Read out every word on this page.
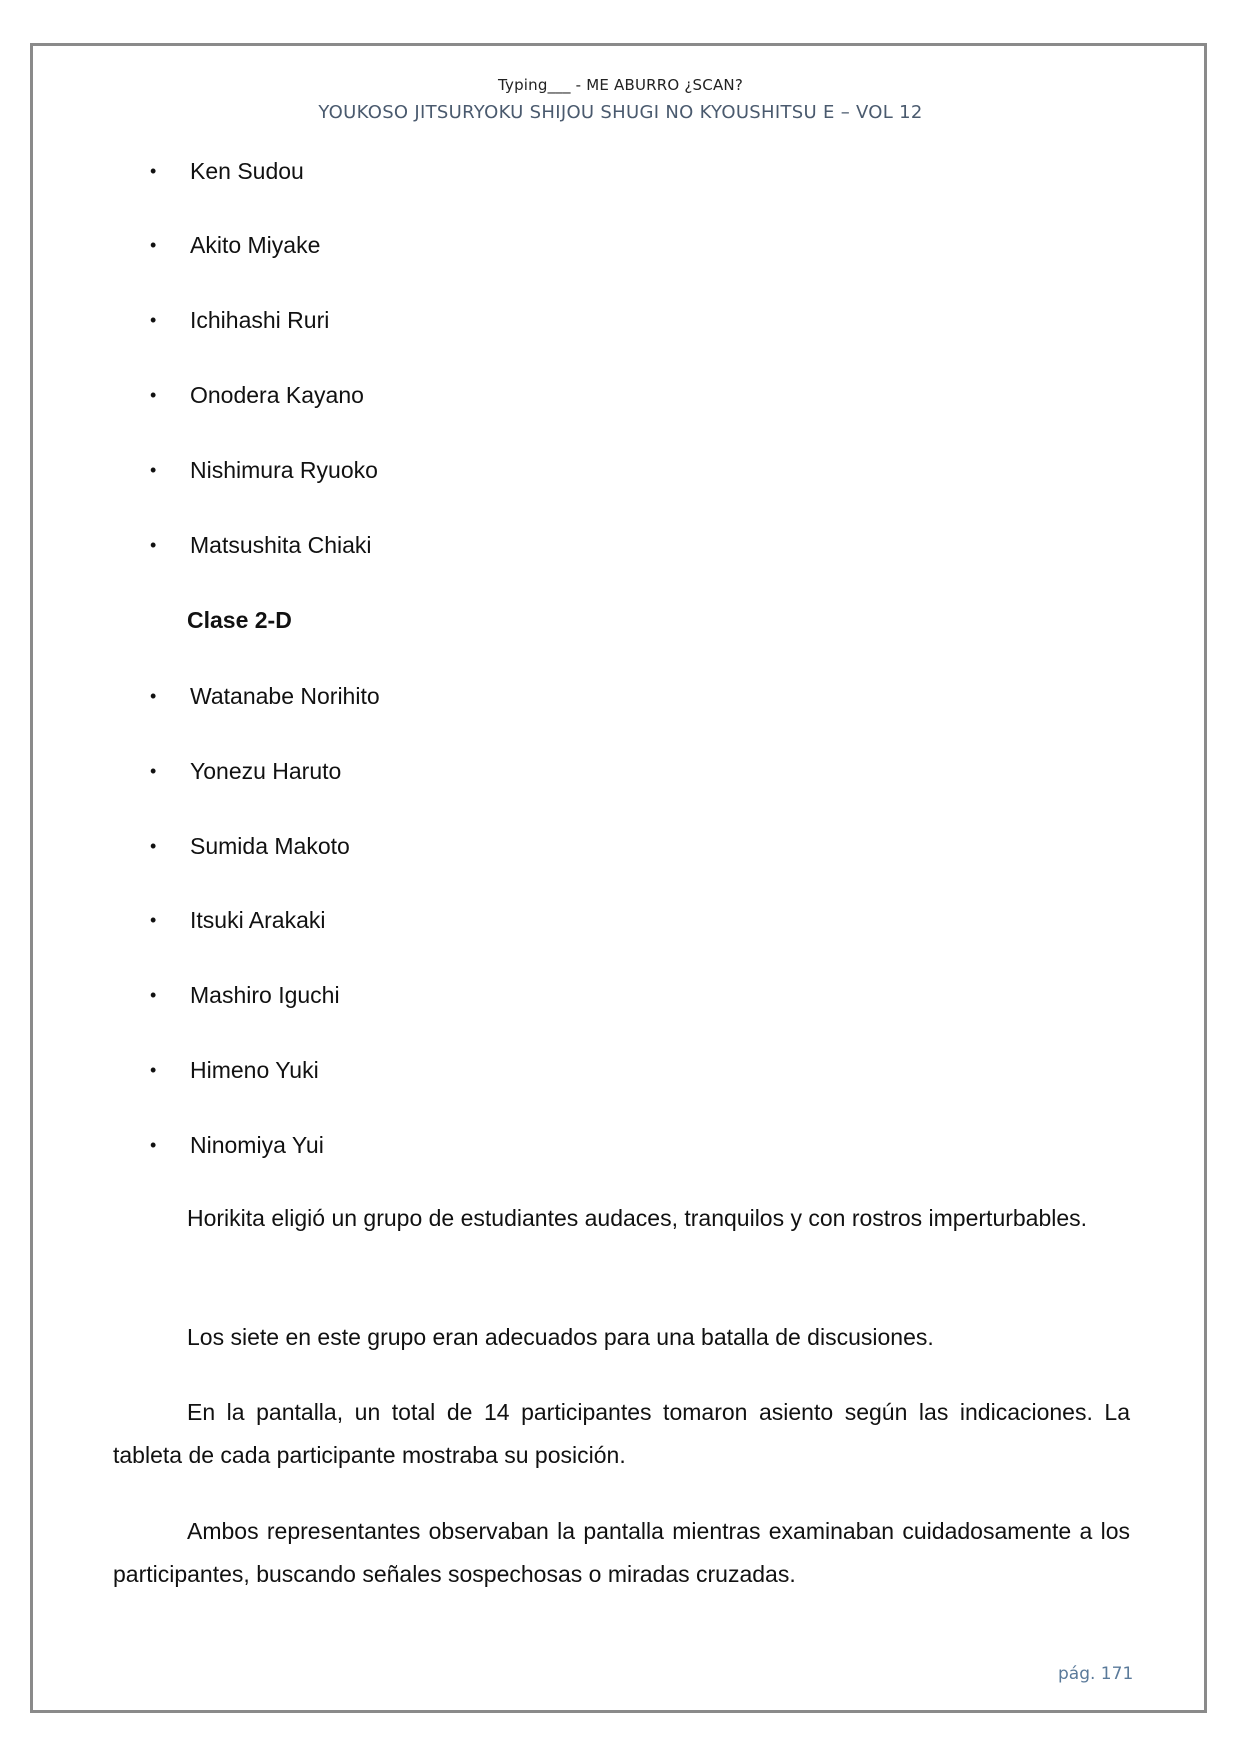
Typing___ - ME ABURRO ¿SCAN?
YOUKOSO JITSURYOKU SHIJOU SHUGI NO KYOUSHITSU E – VOL 12
•	Ken Sudou
•	Akito Miyake
•	Ichihashi Ruri
•	Onodera Kayano
•	Nishimura Ryuoko
•	Matsushita Chiaki
Clase 2-D
•	Watanabe Norihito
•	Yonezu Haruto
•	Sumida Makoto
•	Itsuki Arakaki
•	Mashiro Iguchi
•	Himeno Yuki
•	Ninomiya Yui

Horikita eligió un grupo de estudiantes audaces, tranquilos y con rostros imperturbables.

Los siete en este grupo eran adecuados para una batalla de discusiones.

En la pantalla, un total de 14 participantes tomaron asiento según las indicaciones. La tableta de cada participante mostraba su posición.

Ambos representantes observaban la pantalla mientras examinaban cuidadosamente a los participantes, buscando señales sospechosas o miradas cruzadas.

pág. 171
